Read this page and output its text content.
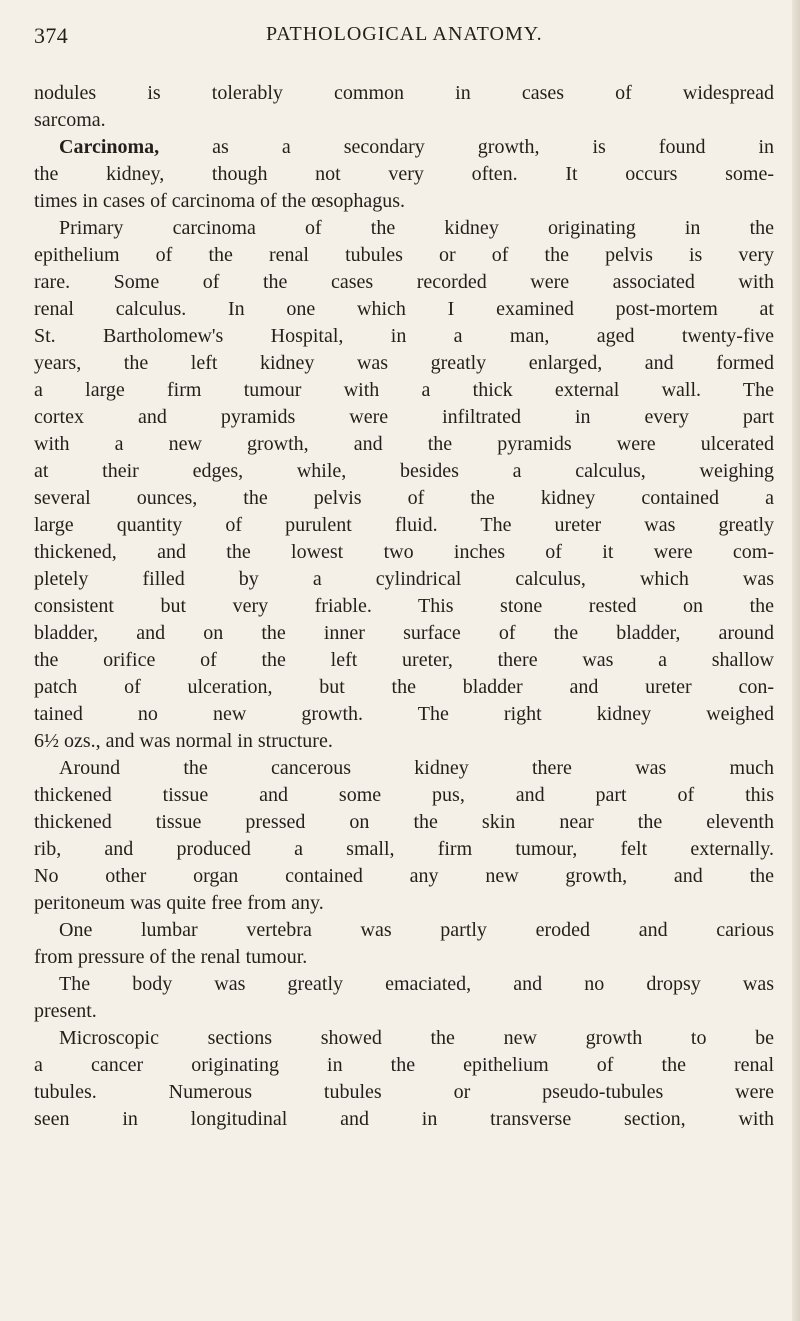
374	PATHOLOGICAL ANATOMY.
nodules is tolerably common in cases of widespread
sarcoma.
Carcinoma, as a secondary growth, is found in
the kidney, though not very often. It occurs some-
times in cases of carcinoma of the œsophagus.
Primary carcinoma of the kidney originating in the
epithelium of the renal tubules or of the pelvis is very
rare. Some of the cases recorded were associated with
renal calculus. In one which I examined post-mortem at
St. Bartholomew's Hospital, in a man, aged twenty-five
years, the left kidney was greatly enlarged, and formed
a large firm tumour with a thick external wall. The
cortex and pyramids were infiltrated in every part
with a new growth, and the pyramids were ulcerated
at their edges, while, besides a calculus, weighing
several ounces, the pelvis of the kidney contained a
large quantity of purulent fluid. The ureter was greatly
thickened, and the lowest two inches of it were com-
pletely filled by a cylindrical calculus, which was
consistent but very friable. This stone rested on the
bladder, and on the inner surface of the bladder, around
the orifice of the left ureter, there was a shallow
patch of ulceration, but the bladder and ureter con-
tained no new growth. The right kidney weighed
6½ ozs., and was normal in structure.
Around the cancerous kidney there was much
thickened tissue and some pus, and part of this
thickened tissue pressed on the skin near the eleventh
rib, and produced a small, firm tumour, felt externally.
No other organ contained any new growth, and the
peritoneum was quite free from any.
One lumbar vertebra was partly eroded and carious
from pressure of the renal tumour.
The body was greatly emaciated, and no dropsy was
present.
Microscopic sections showed the new growth to be
a cancer originating in the epithelium of the renal
tubules. Numerous tubules or pseudo-tubules were
seen in longitudinal and in transverse section, with
